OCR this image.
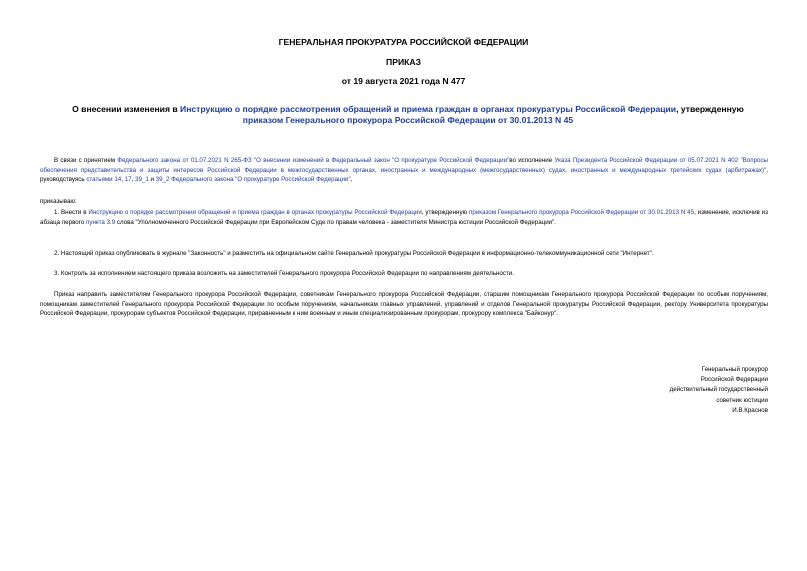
ГЕНЕРАЛЬНАЯ ПРОКУРАТУРА РОССИЙСКОЙ ФЕДЕРАЦИИ
ПРИКАЗ
от 19 августа 2021 года N 477
О внесении изменения в Инструкцию о порядке рассмотрения обращений и приема граждан в органах прокуратуры Российской Федерации, утвержденную приказом Генерального прокурора Российской Федерации от 30.01.2013 N 45
В связи с принятием Федерального закона от 01.07.2021 N 265-ФЗ "О внесении изменений в Федеральный закон "О прокуратуре Российской Федерации"во исполнение Указа Президента Российской Федерации от 05.07.2021 N 402 "Вопросы обеспечения представительства и защиты интересов Российской Федерации в межгосударственных органах, иностранных и международных (межгосударственных) судах, иностранных и международных третейских судах (арбитражах)", руководствуясь статьями 14, 17, 39_1 и 39_2 Федерального закона "О прокуратуре Российской Федерации",
приказываю:
1. Внести в Инструкцию о порядке рассмотрения обращений и приема граждан в органах прокуратуры Российской Федерации, утвержденную приказом Генерального прокурора Российской Федерации от 30.01.2013 N 45, изменение, исключив из абзаца первого пункта 3.9 слова "Уполномоченного Российской Федерации при Европейском Суде по правам человека - заместителя Министра юстиции Российской Федерации".
2. Настоящий приказ опубликовать в журнале "Законность" и разместить на официальном сайте Генеральной прокуратуры Российской Федерации в информационно-телекоммуникационной сети "Интернет".
3. Контроль за исполнением настоящего приказа возложить на заместителей Генерального прокурора Российской Федерации по направлениям деятельности.
Приказ направить заместителям Генерального прокурора Российской Федерации, советникам Генерального прокурора Российской Федерации, старшим помощникам Генерального прокурора Российской Федерации по особым поручениям, помощникам заместителей Генерального прокурора Российской Федерации по особым поручениям, начальникам главных управлений, управлений и отделов Генеральной прокуратуры Российской Федерации, ректору Университета прокуратуры Российской Федерации, прокурорам субъектов Российской Федерации, приравненным к ним военным и иным специализированным прокурорам, прокурору комплекса "Байконур".
Генеральный прокурор
Российской Федерации
действительный государственный
советник юстиции
И.В.Краснов
